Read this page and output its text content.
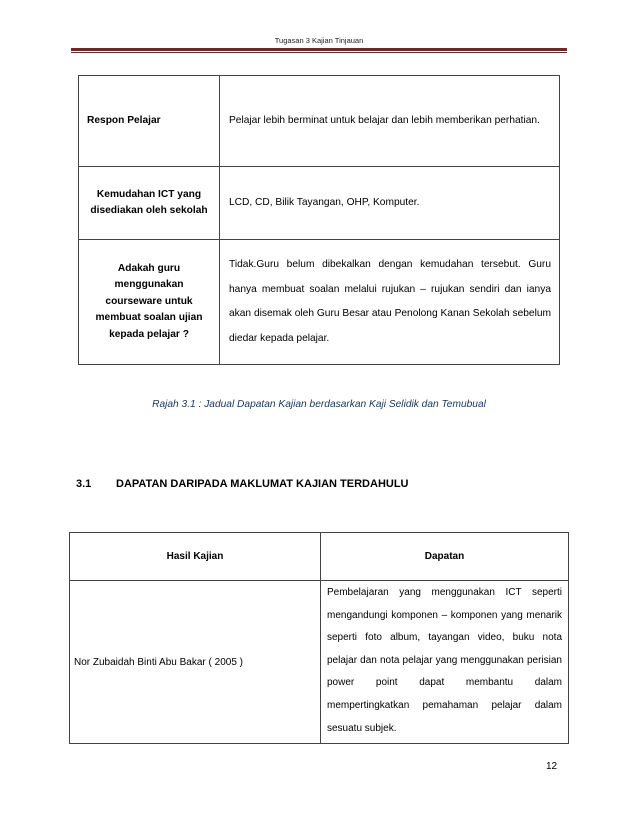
Tugasan 3 Kajian Tinjauan
Respon Pelajar	Pelajar lebih berminat untuk belajar dan lebih memberikan perhatian.
Kemudahan ICT yang disediakan oleh sekolah	LCD, CD, Bilik Tayangan, OHP, Komputer.
Adakah guru menggunakan courseware untuk membuat soalan ujian kepada pelajar ?	Tidak.Guru belum dibekalkan dengan kemudahan tersebut. Guru hanya membuat soalan melalui rujukan – rujukan sendiri dan ianya akan disemak oleh Guru Besar atau Penolong Kanan Sekolah sebelum diedar kepada pelajar.
Rajah 3.1 : Jadual Dapatan Kajian berdasarkan Kaji Selidik dan Temubual
3.1	DAPATAN DARIPADA MAKLUMAT KAJIAN TERDAHULU
Hasil Kajian	Dapatan
Nor Zubaidah Binti Abu Bakar ( 2005 )	Pembelajaran yang menggunakan ICT seperti mengandungi komponen – komponen yang menarik seperti foto album, tayangan video, buku nota pelajar dan nota pelajar yang menggunakan perisian power point dapat membantu dalam mempertingkatkan pemahaman pelajar dalam sesuatu subjek.
12
